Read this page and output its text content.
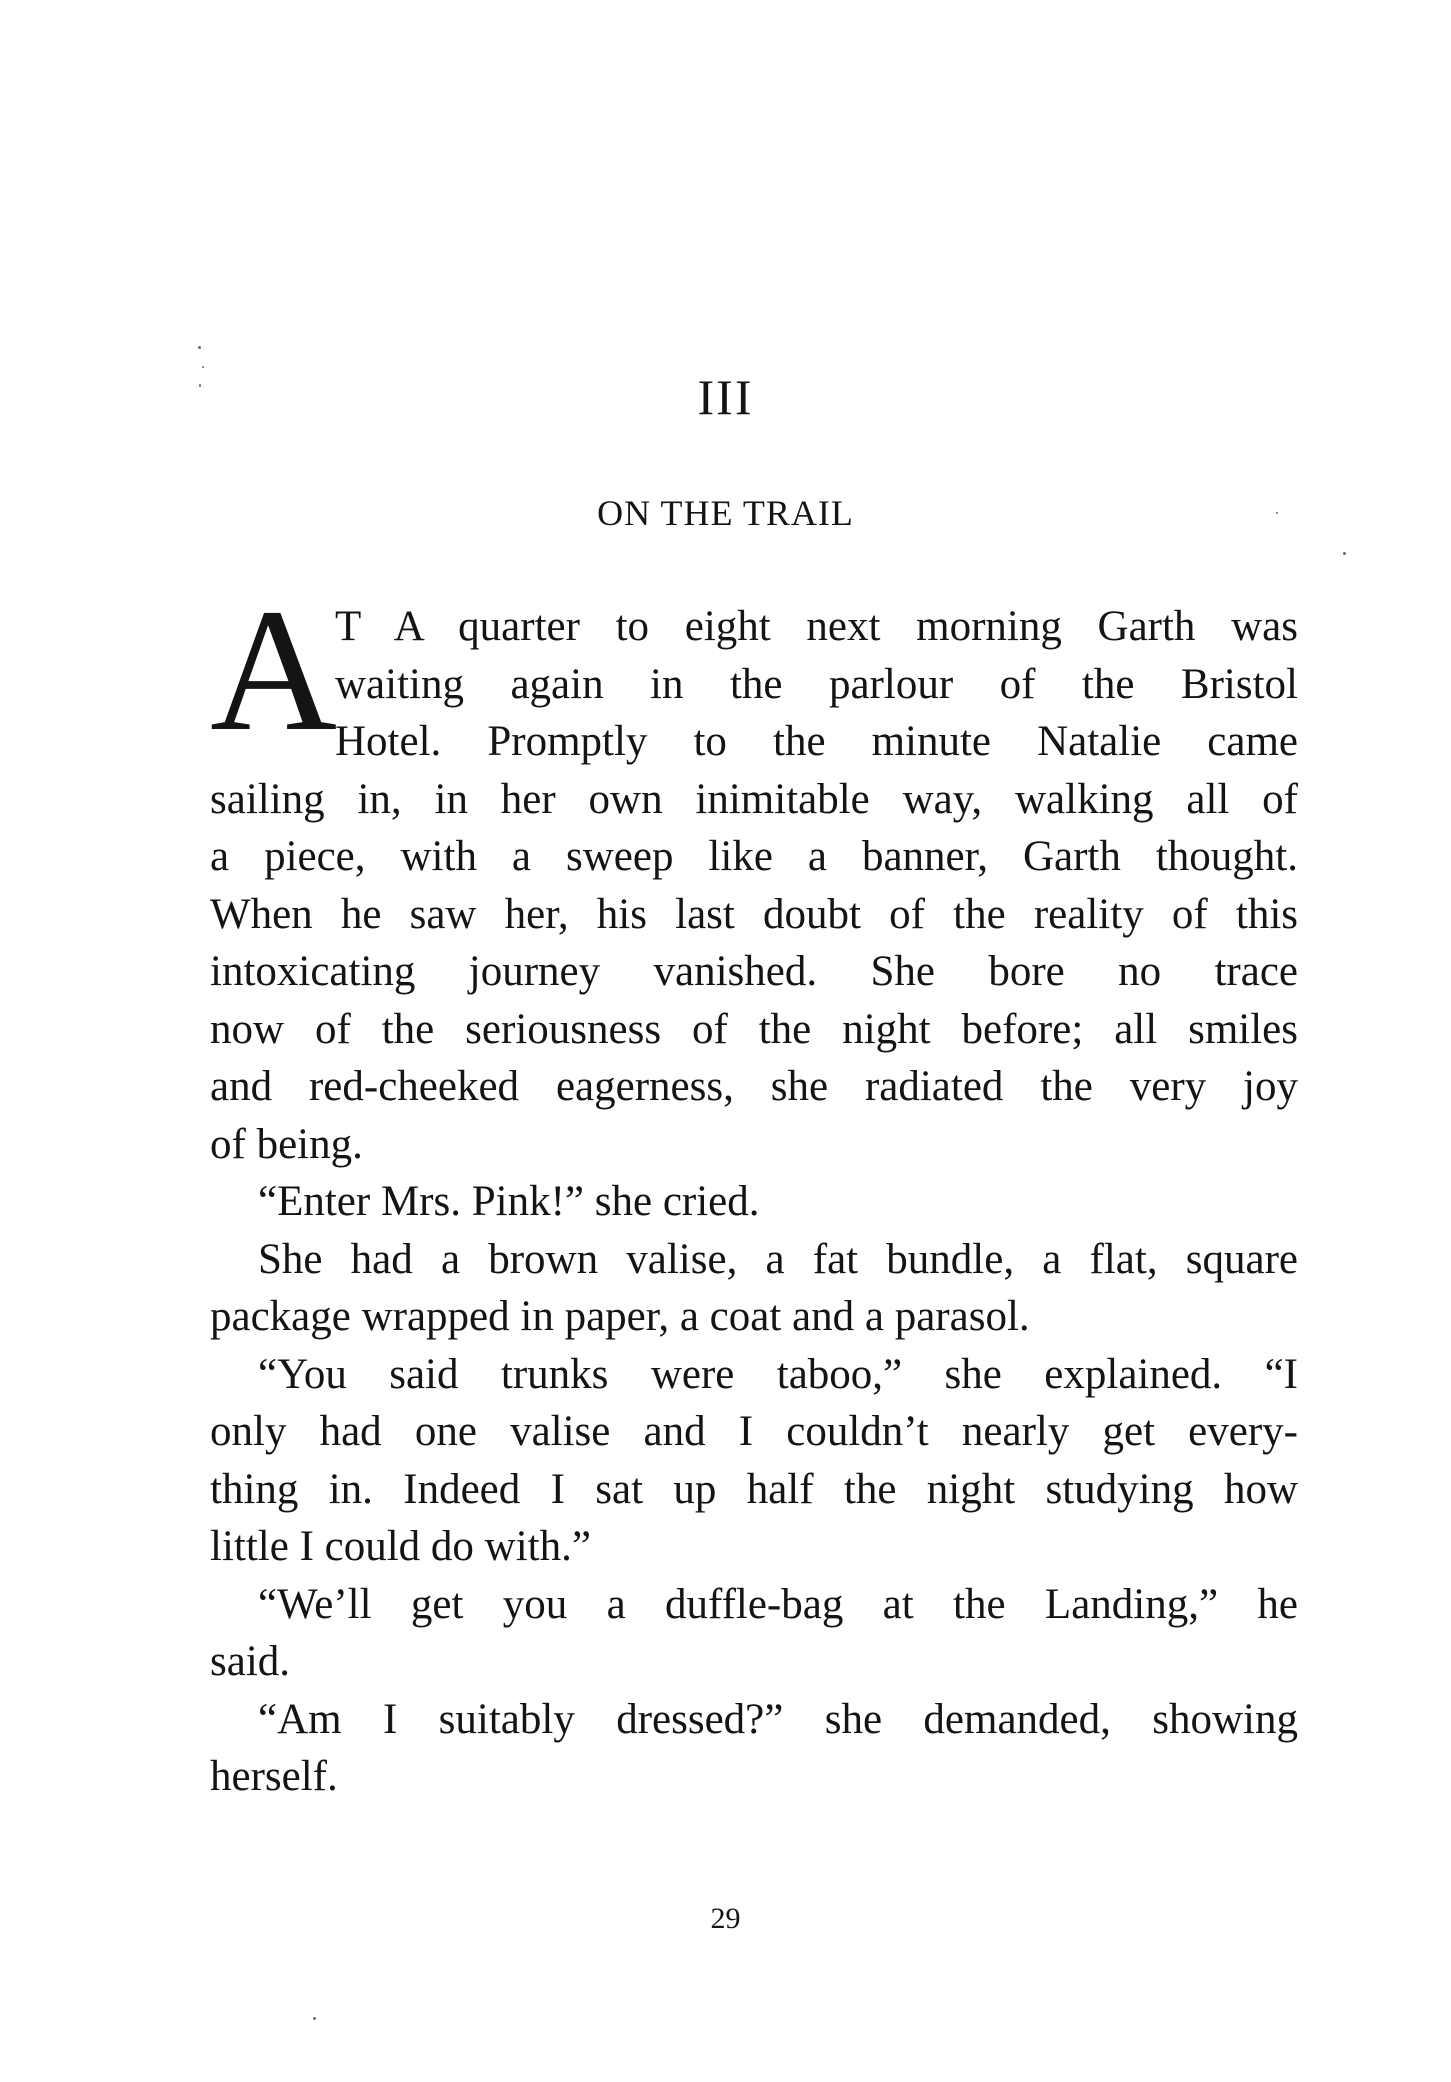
III
ON THE TRAIL
A
T A quarter to eight next morning Garth was
waiting again in the parlour of the Bristol
Hotel. Promptly to the minute Natalie came
sailing in, in her own inimitable way, walking all of
a piece, with a sweep like a banner, Garth thought.
When he saw her, his last doubt of the reality of this
intoxicating journey vanished. She bore no trace
now of the seriousness of the night before; all smiles
and red-cheeked eagerness, she radiated the very joy
of being.
“Enter Mrs. Pink!” she cried.
She had a brown valise, a fat bundle, a flat, square
package wrapped in paper, a coat and a parasol.
“You said trunks were taboo,” she explained. “I
only had one valise and I couldn’t nearly get every-
thing in. Indeed I sat up half the night studying how
little I could do with.”
“We’ll get you a duffle-bag at the Landing,” he
said.
“Am I suitably dressed?” she demanded, showing
herself.
29
